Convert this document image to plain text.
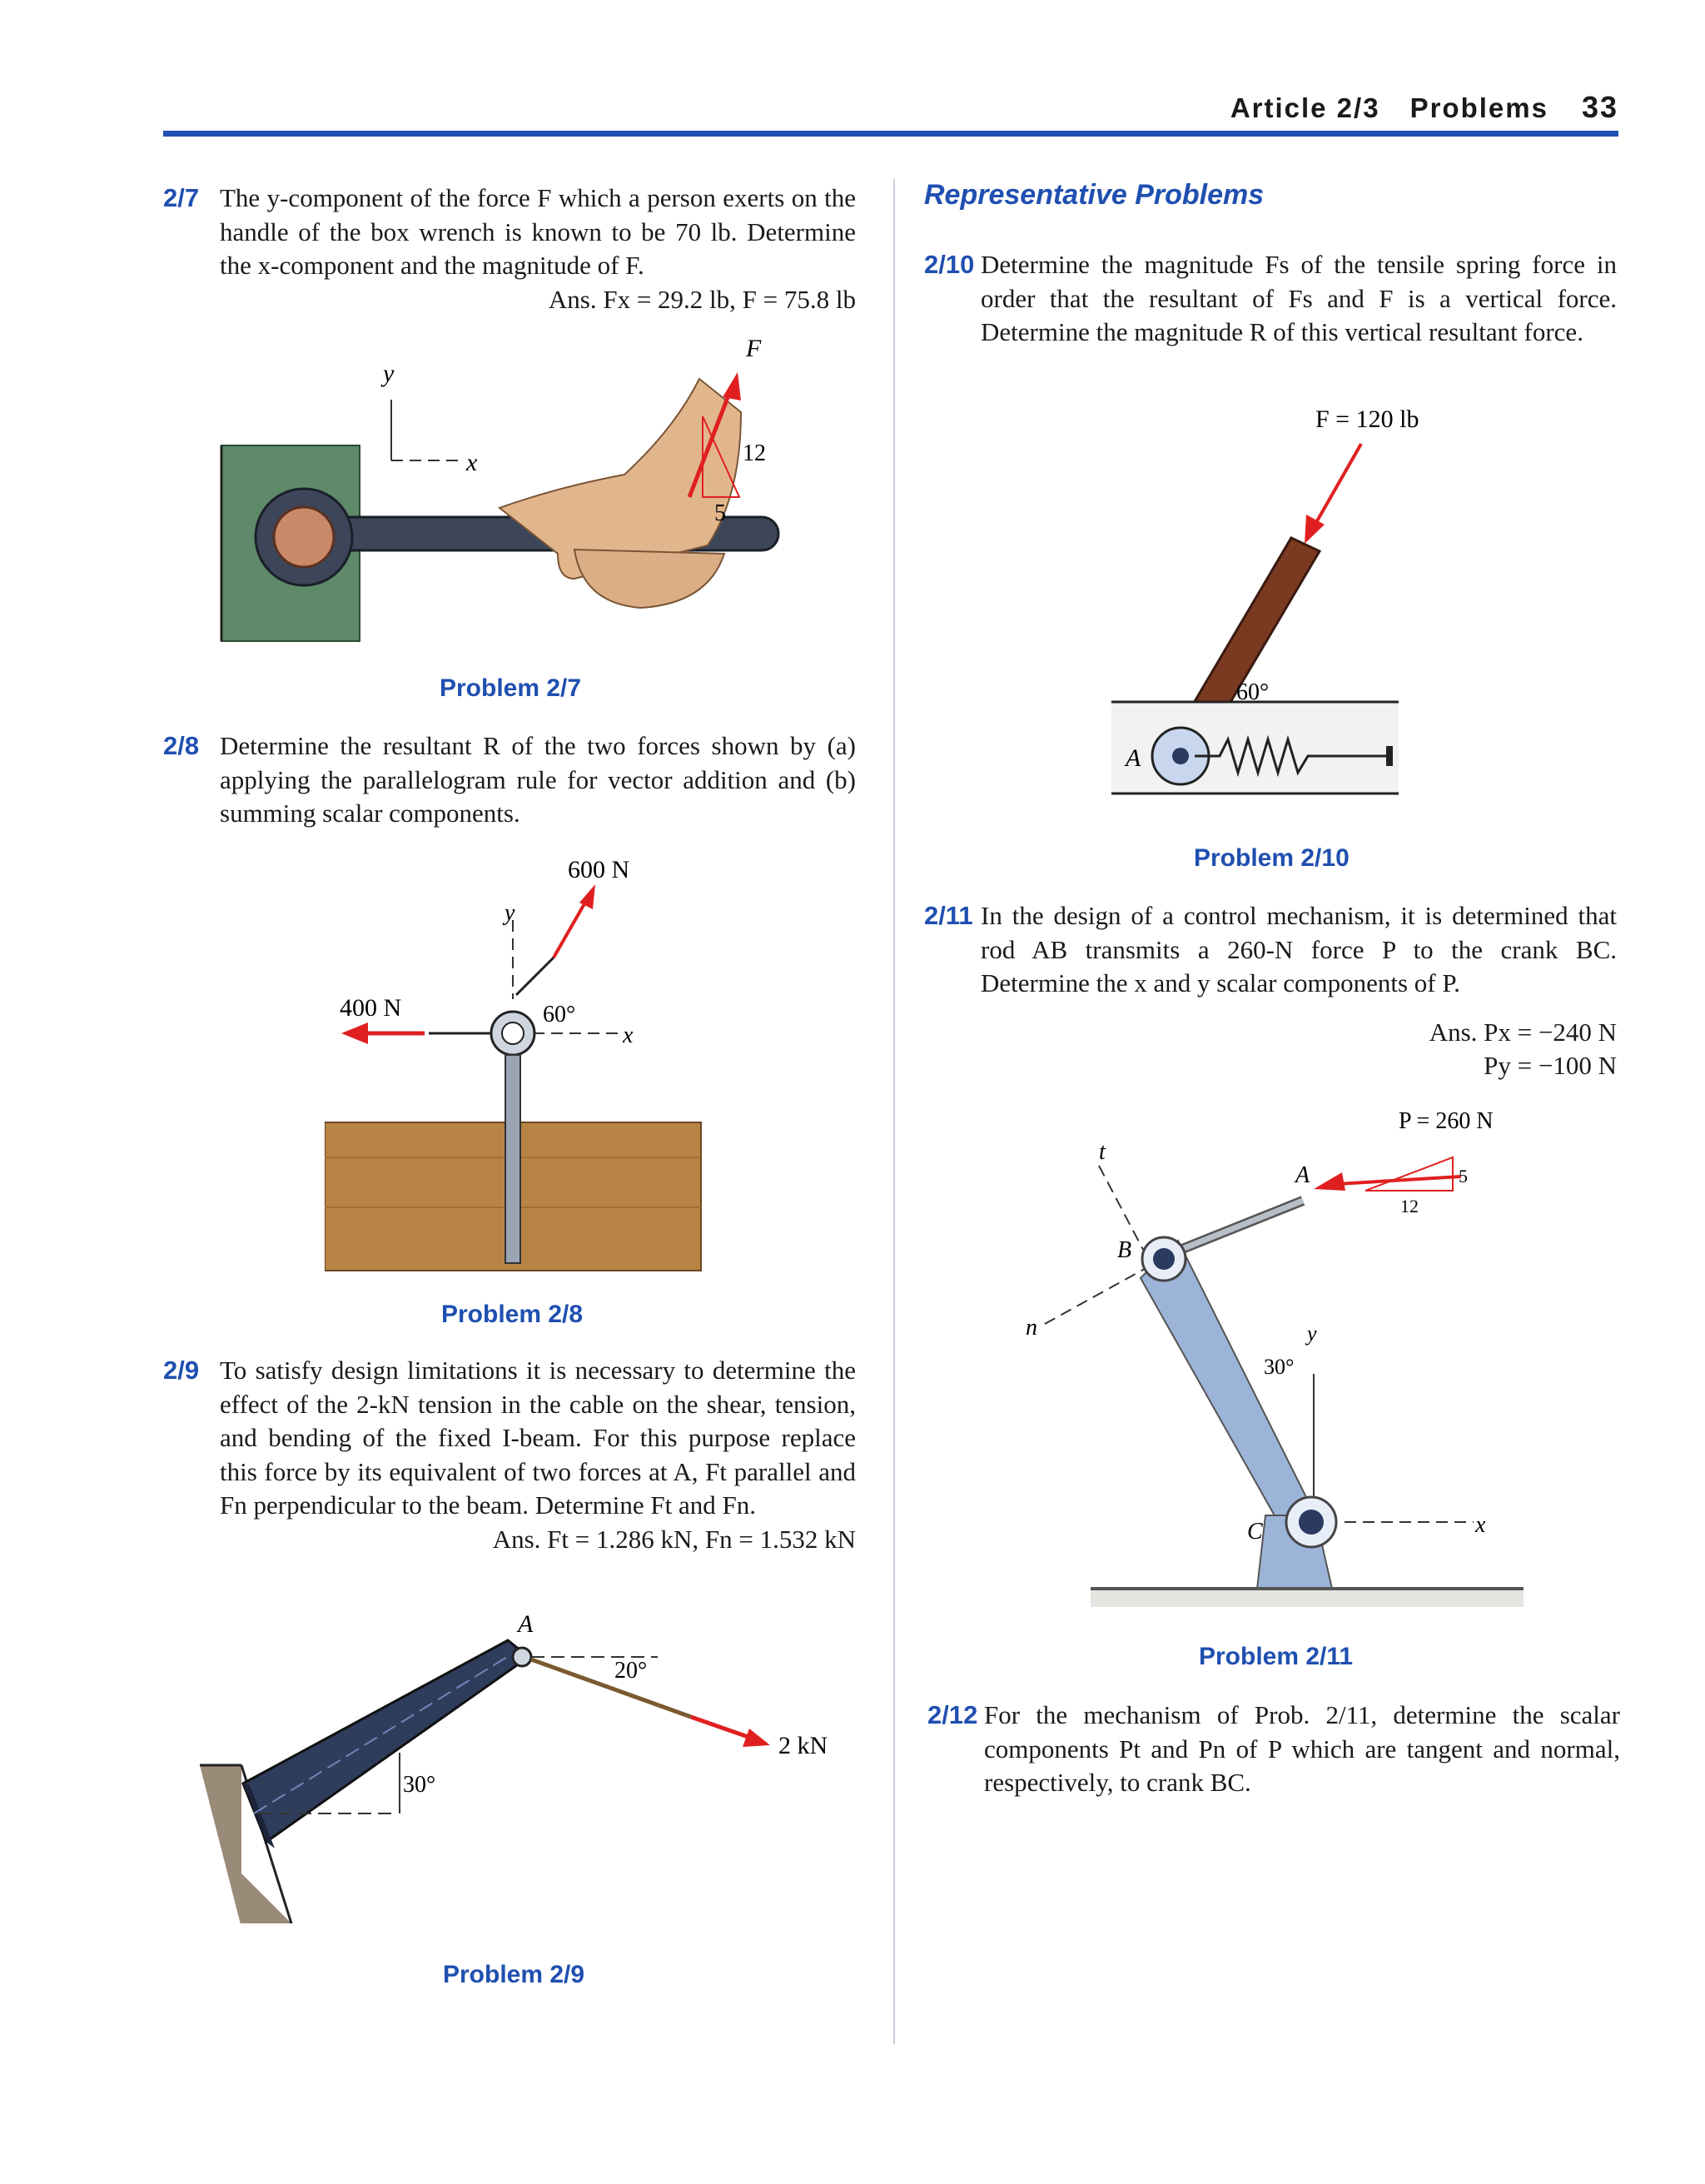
Article 2/3 Problems 33
2/7 The y-component of the force F which a person exerts on the handle of the box wrench is known to be 70 lb. Determine the x-component and the magnitude of F.
Ans. Fx = 29.2 lb, F = 75.8 lb
y
x
F
12
5
Problem 2/7
2/8 Determine the resultant R of the two forces shown by (a) applying the parallelogram rule for vector addition and (b) summing scalar components.
600 N
400 N
y
x
60°
Problem 2/8
2/9 To satisfy design limitations it is necessary to determine the effect of the 2-kN tension in the cable on the shear, tension, and bending of the fixed I-beam. For this purpose replace this force by its equivalent of two forces at A, Ft parallel and Fn perpendicular to the beam. Determine Ft and Fn.
Ans. Ft = 1.286 kN, Fn = 1.532 kN
30°
A
20°
2 kN
Problem 2/9
Representative Problems
2/10 Determine the magnitude Fs of the tensile spring force in order that the resultant of Fs and F is a vertical force. Determine the magnitude R of this vertical resultant force.
F = 120 lb
60°
A
Problem 2/10
2/11 In the design of a control mechanism, it is determined that rod AB transmits a 260-N force P to the crank BC. Determine the x and y scalar components of P.
Ans. Px = −240 N
Py = −100 N
P = 260 N
5
12
A
t
n
B
y
30°
x
C
Problem 2/11
2/12 For the mechanism of Prob. 2/11, determine the scalar components Pt and Pn of P which are tangent and normal, respectively, to crank BC.
